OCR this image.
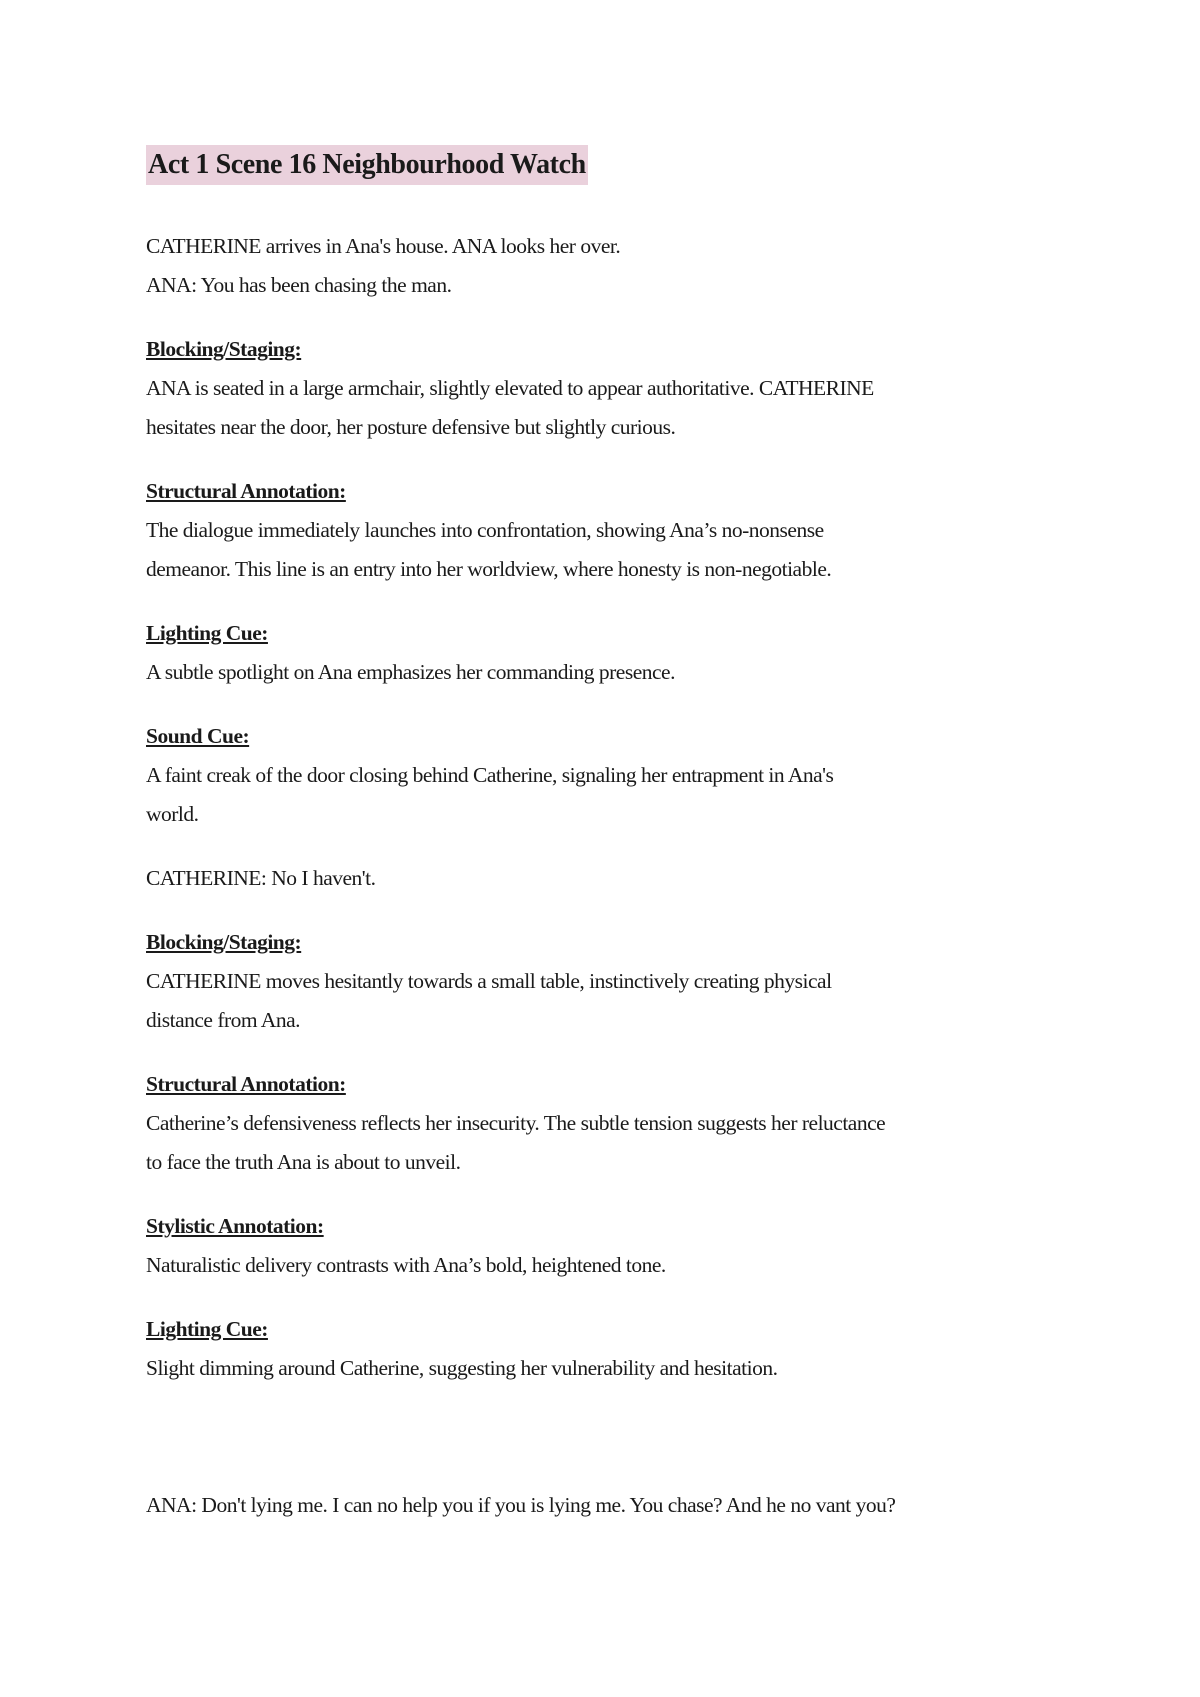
Act 1 Scene 16 Neighbourhood Watch

CATHERINE arrives in Ana's house. ANA looks her over.
ANA: You has been chasing the man.

Blocking/Staging:
ANA is seated in a large armchair, slightly elevated to appear authoritative. CATHERINE
hesitates near the door, her posture defensive but slightly curious.

Structural Annotation:
The dialogue immediately launches into confrontation, showing Ana’s no-nonsense
demeanor. This line is an entry into her worldview, where honesty is non-negotiable.

Lighting Cue:
A subtle spotlight on Ana emphasizes her commanding presence.

Sound Cue:
A faint creak of the door closing behind Catherine, signaling her entrapment in Ana's
world.

CATHERINE: No I haven't.

Blocking/Staging:
CATHERINE moves hesitantly towards a small table, instinctively creating physical
distance from Ana.

Structural Annotation:
Catherine’s defensiveness reflects her insecurity. The subtle tension suggests her reluctance
to face the truth Ana is about to unveil.

Stylistic Annotation:
Naturalistic delivery contrasts with Ana’s bold, heightened tone.

Lighting Cue:
Slight dimming around Catherine, suggesting her vulnerability and hesitation.

ANA: Don't lying me. I can no help you if you is lying me. You chase? And he no vant you?
